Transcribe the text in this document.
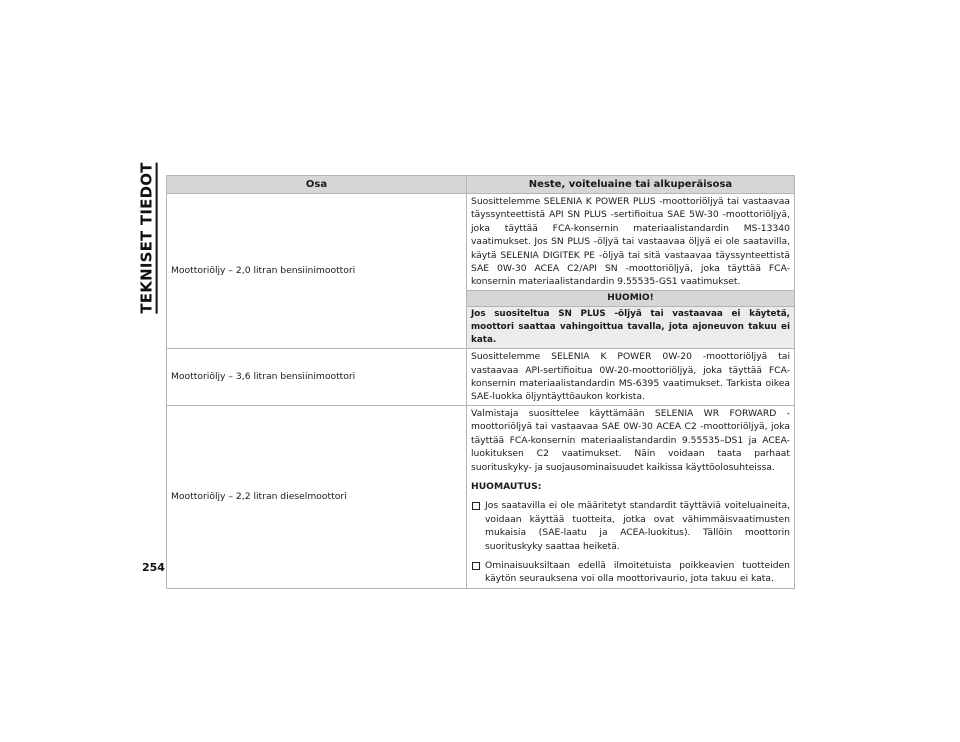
TEKNISET TIEDOT
254
Osa	Neste, voiteluaine tai alkuperäisosa
Moottoriöljy – 2,0 litran bensiinimoottori	Suosittelemme SELENIA K POWER PLUS -moottoriöljyä tai vastaavaa täyssynteettistä API SN PLUS -sertifioitua SAE 5W-30 -moottoriöljyä, joka täyttää FCA-konsernin materiaalistandardin MS-13340 vaatimukset. Jos SN PLUS -öljyä tai vastaavaa öljyä ei ole saatavilla, käytä SELENIA DIGITEK PE -öljyä tai sitä vastaavaa täyssynteettistä SAE 0W-30 ACEA C2/API SN -moottoriöljyä, joka täyttää FCA-konsernin materiaalistandardin 9.55535-GS1 vaatimukset.
	HUOMIO!
	Jos suositeltua SN PLUS -öljyä tai vastaavaa ei käytetä, moottori saattaa vahingoittua tavalla, jota ajoneuvon takuu ei kata.
Moottoriöljy – 3,6 litran bensiinimoottori	Suosittelemme SELENIA K POWER 0W-20 -moottoriöljyä tai vastaavaa API-sertifioitua 0W-20-moottoriöljyä, joka täyttää FCA-konsernin materiaalistandardin MS-6395 vaatimukset. Tarkista oikea SAE-luokka öljyntäyttöaukon korkista.
Moottoriöljy – 2,2 litran dieselmoottori	Valmistaja suosittelee käyttämään SELENIA WR FORWARD -moottoriöljyä tai vastaavaa SAE 0W-30 ACEA C2 -moottoriöljyä, joka täyttää FCA-konsernin materiaalistandardin 9.55535–DS1 ja ACEA-luokituksen C2 vaatimukset. Näin voidaan taata parhaat suorituskyky- ja suojausominaisuudet kaikissa käyttöolosuhteissa.

HUOMAUTUS:

Jos saatavilla ei ole määritetyt standardit täyttäviä voiteluaineita, voidaan käyttää tuotteita, jotka ovat vähimmäisvaatimusten mukaisia (SAE-laatu ja ACEA-luokitus). Tällöin moottorin suorituskyky saattaa heiketä.
Ominaisuuksiltaan edellä ilmoitetuista poikkeavien tuotteiden käytön seurauksena voi olla moottorivaurio, jota takuu ei kata.
